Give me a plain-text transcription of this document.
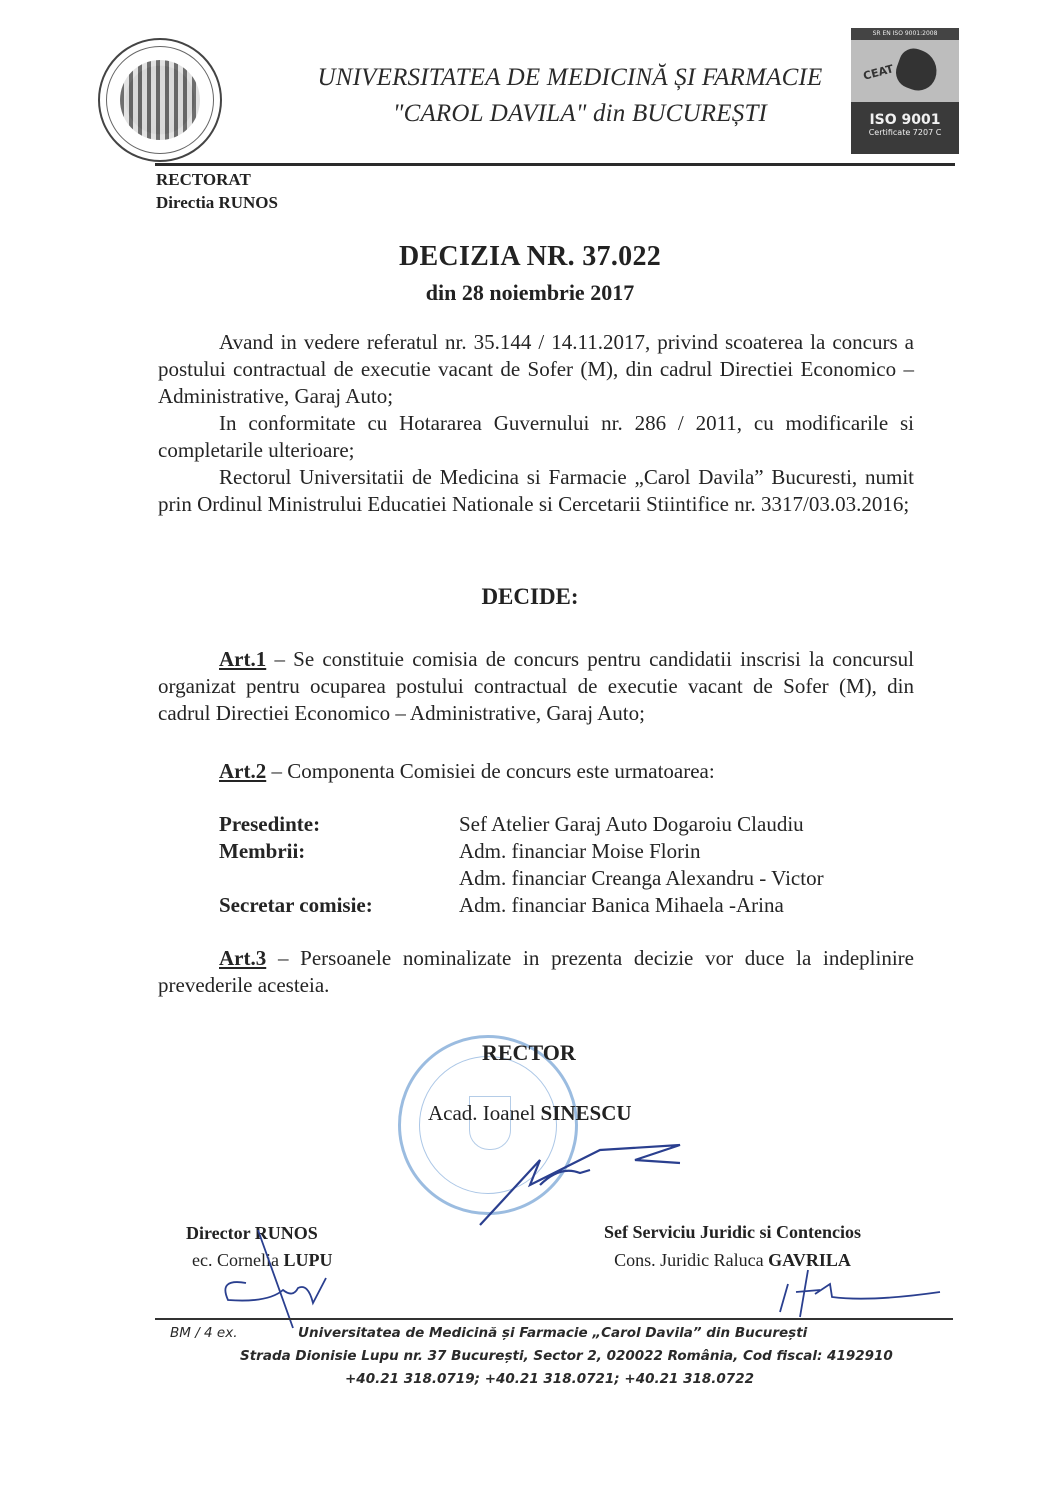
UNIVERSITATEA DE MEDICINĂ ȘI FARMACIE
"CAROL DAVILA" din BUCUREȘTI
SR EN ISO 9001:2008
CEAT

ISO 9001
Certificate 7207 C
RECTORAT
Directia RUNOS
DECIZIA NR. 37.022
din 28 noiembrie 2017

Avand in vedere referatul nr. 35.144 / 14.11.2017, privind scoaterea la concurs a postului contractual de executie vacant de Sofer (M), din cadrul Directiei Economico – Administrative, Garaj Auto;

In conformitate cu Hotararea Guvernului nr. 286 / 2011, cu modificarile si completarile ulterioare;

Rectorul Universitatii de Medicina si Farmacie „Carol Davila” Bucuresti, numit prin Ordinul Ministrului Educatiei Nationale si Cercetarii Stiintifice nr. 3317/03.03.2016;

DECIDE:

Art.1 – Se constituie comisia de concurs pentru candidatii inscrisi la concursul organizat pentru ocuparea postului contractual de executie vacant de Sofer (M), din cadrul Directiei Economico – Administrative, Garaj Auto;

Art.2 – Componenta Comisiei de concurs este urmatoarea:

Presedinte:	Sef Atelier Garaj Auto Dogaroiu Claudiu
Membrii:	Adm. financiar Moise Florin
Adm. financiar Creanga Alexandru - Victor
Secretar comisie:	Adm. financiar Banica Mihaela -Arina

Art.3 – Persoanele nominalizate in prezenta decizie vor duce la indeplinire prevederile acesteia.

RECTOR
Acad. Ioanel SINESCU
Director RUNOS
ec. Cornelia LUPU
Sef Serviciu Juridic si Contencios
Cons. Juridic Raluca GAVRILA
BM / 4 ex.	Universitatea de Medicină și Farmacie „Carol Davila” din București
Strada Dionisie Lupu nr. 37 București, Sector 2, 020022 România, Cod fiscal: 4192910
+40.21 318.0719; +40.21 318.0721; +40.21 318.0722
